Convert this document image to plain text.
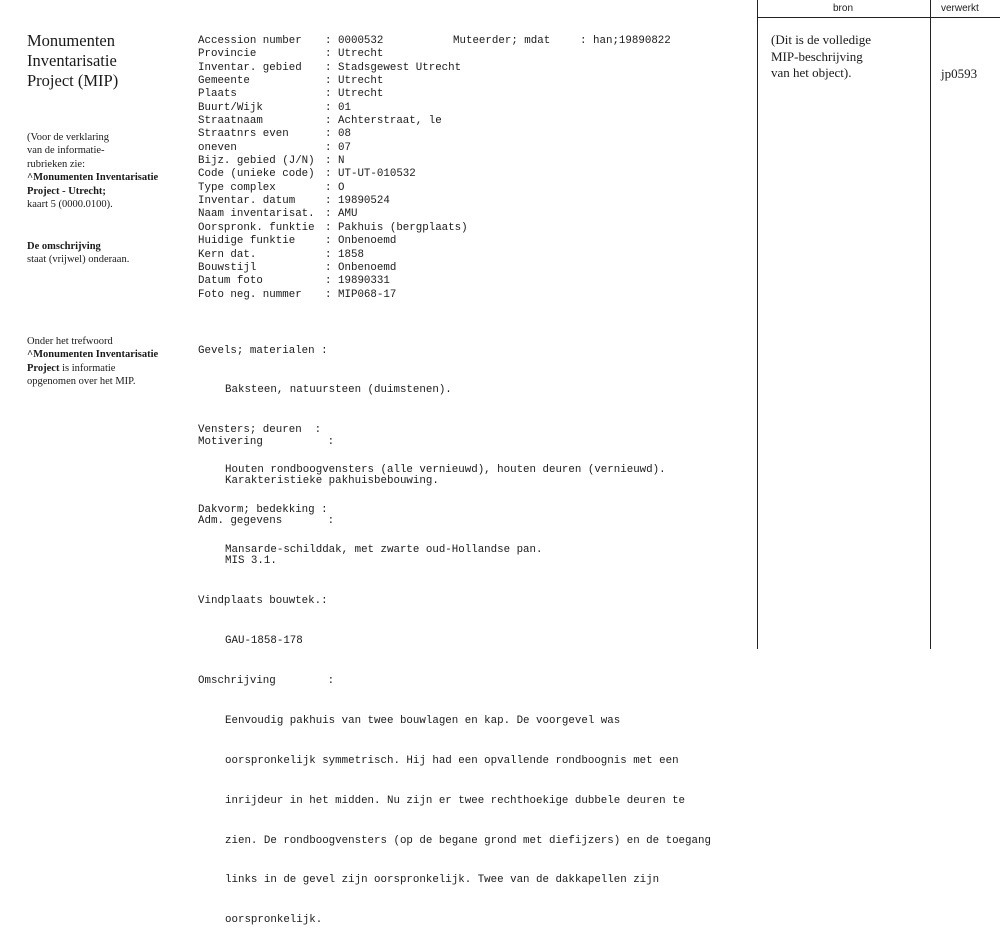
Monumenten
Inventarisatie
Project (MIP)
(Voor de verklaring
van de informatie-
rubrieken zie:
^Monumenten Inventarisatie
Project - Utrecht;
kaart 5 (0000.0100).
De omschrijving
staat (vrijwel) onderaan.
Onder het trefwoord
^Monumenten Inventarisatie
Project is informatie
opgenomen over het MIP.
Accession number : 0000532	Muteerder; mdat	: han;19890822
Provincie	: Utrecht
Inventar. gebied : Stadsgewest Utrecht
Gemeente	: Utrecht
Plaats	: Utrecht
Buurt/Wijk	: 01
Straatnaam	: Achterstraat, le
Straatnrs even	: 08
oneven	: 07
Bijz. gebied (J/N) : N
Code (unieke code) : UT-UT-010532
Type complex	: O
Inventar. datum	: 19890524
Naam inventarisat. : AMU
Oorspronk. funktie : Pakhuis (bergplaats)
Huidige funktie	: Onbenoemd
Kern dat.	: 1858
Bouwstijl	: Onbenoemd
Datum foto	: 19890331
Foto neg. nummer : MIP068-17

Gevels; materialen :

Baksteen, natuursteen (duimstenen).

Vensters; deuren  :

Houten rondboogvensters (alle vernieuwd), houten deuren (vernieuwd).

Dakvorm; bedekking :

Mansarde-schilddak, met zwarte oud-Hollandse pan.

Motivering          :

Karakteristieke pakhuisbebouwing.

Adm. gegevens       :

MIS 3.1.

Vindplaats bouwtek.:

GAU-1858-178

Omschrijving        :

Eenvoudig pakhuis van twee bouwlagen en kap. De voorgevel was

oorspronkelijk symmetrisch. Hij had een opvallende rondboognis met een

inrijdeur in het midden. Nu zijn er twee rechthoekige dubbele deuren te

zien. De rondboogvensters (op de begane grond met diefijzers) en de toegang

links in de gevel zijn oorspronkelijk. Twee van de dakkapellen zijn

oorspronkelijk.

bron	verwerkt
(Dit is de volledige
MIP-beschrijving
van het object).	jp0593
